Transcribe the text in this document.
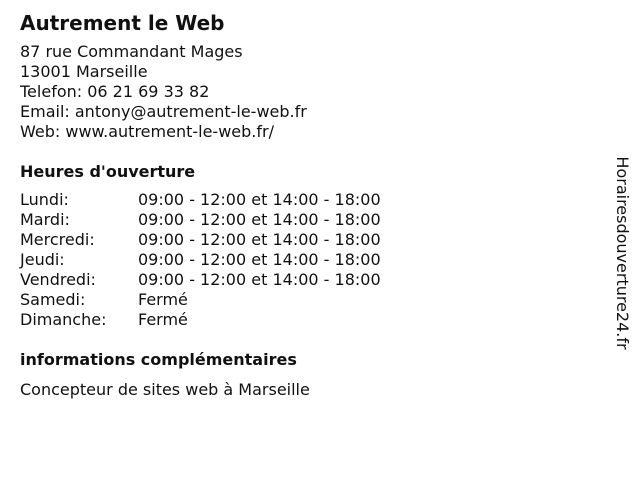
Autrement le Web
87 rue Commandant Mages
13001 Marseille
Telefon: 06 21 69 33 82
Email: antony@autrement-le-web.fr
Web: www.autrement-le-web.fr/
Heures d'ouverture
Lundi:	09:00 - 12:00 et 14:00 - 18:00
Mardi:	09:00 - 12:00 et 14:00 - 18:00
Mercredi:	09:00 - 12:00 et 14:00 - 18:00
Jeudi:	09:00 - 12:00 et 14:00 - 18:00
Vendredi:	09:00 - 12:00 et 14:00 - 18:00
Samedi:	Fermé
Dimanche:	Fermé
informations complémentaires
Concepteur de sites web à Marseille
Horairesdouverture24.fr
